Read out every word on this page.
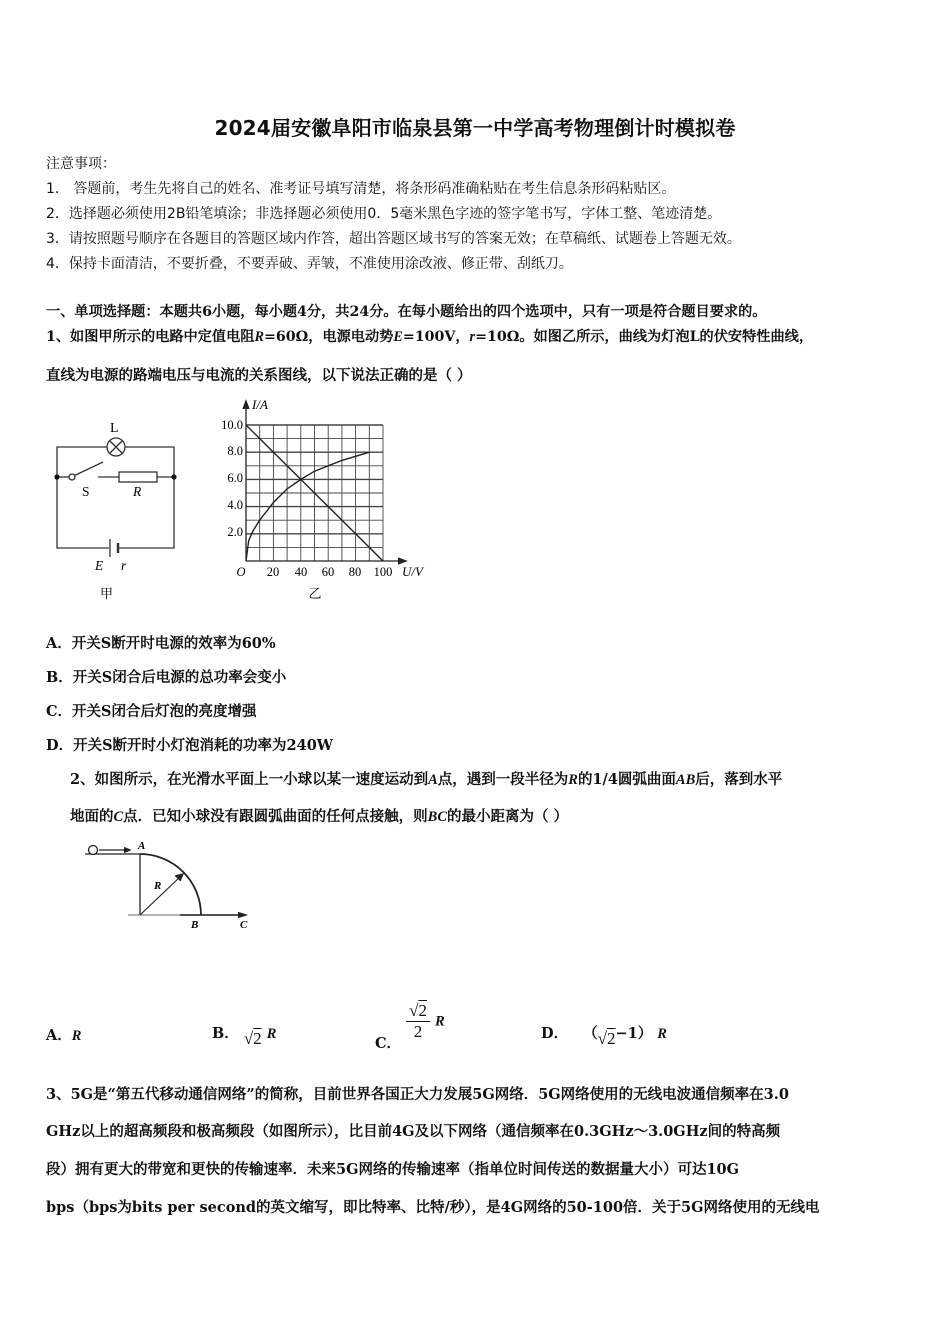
2024届安徽阜阳市临泉县第一中学高考物理倒计时模拟卷
注意事项：
1． 答题前，考生先将自己的姓名、准考证号填写清楚，将条形码准确粘贴在考生信息条形码粘贴区。
2．选择题必须使用2B铅笔填涂；非选择题必须使用0．5毫米黑色字迹的签字笔书写，字体工整、笔迹清楚。
3．请按照题号顺序在各题目的答题区域内作答，超出答题区域书写的答案无效；在草稿纸、试题卷上答题无效。
4．保持卡面清洁，不要折叠，不要弄破、弄皱，不准使用涂改液、修正带、刮纸刀。
一、单项选择题：本题共6小题，每小题4分，共24分。在每小题给出的四个选项中，只有一项是符合题目要求的。
1、如图甲所示的电路中定值电阻R=60Ω，电源电动势E=100V，r=10Ω。如图乙所示，曲线为灯泡L的伏安特性曲线，
直线为电源的路端电压与电流的关系图线，以下说法正确的是（ ）
L
S	R
E r
甲
I/A
U/V
2.0
4.0
6.0
8.0
10.0
O 20 40 60 80 100
乙
A．开关S断开时电源的效率为60%
B．开关S闭合后电源的总功率会变小
C．开关S闭合后灯泡的亮度增强
D．开关S断开时小灯泡消耗的功率为240W
2、如图所示，在光滑水平面上一小球以某一速度运动到A点，遇到一段半径为R的1/4圆弧曲面AB后，落到水平
地面的C点．已知小球没有跟圆弧曲面的任何点接触，则BC的最小距离为（ ）
A
R
B	C
A．R	B． √2 R
C．
$\frac{√2}{2}$ R
D． （√2−1） R
3、5G是“第五代移动通信网络”的简称，目前世界各国正大力发展5G网络．5G网络使用的无线电波通信频率在3.0
GHz以上的超高频段和极高频段（如图所示），比目前4G及以下网络（通信频率在0.3GHz～3.0GHz间的特高频
段）拥有更大的带宽和更快的传输速率．未来5G网络的传输速率（指单位时间传送的数据量大小）可达10G
bps（bps为bits per second的英文缩写，即比特率、比特/秒），是4G网络的50-100倍．关于5G网络使用的无线电
